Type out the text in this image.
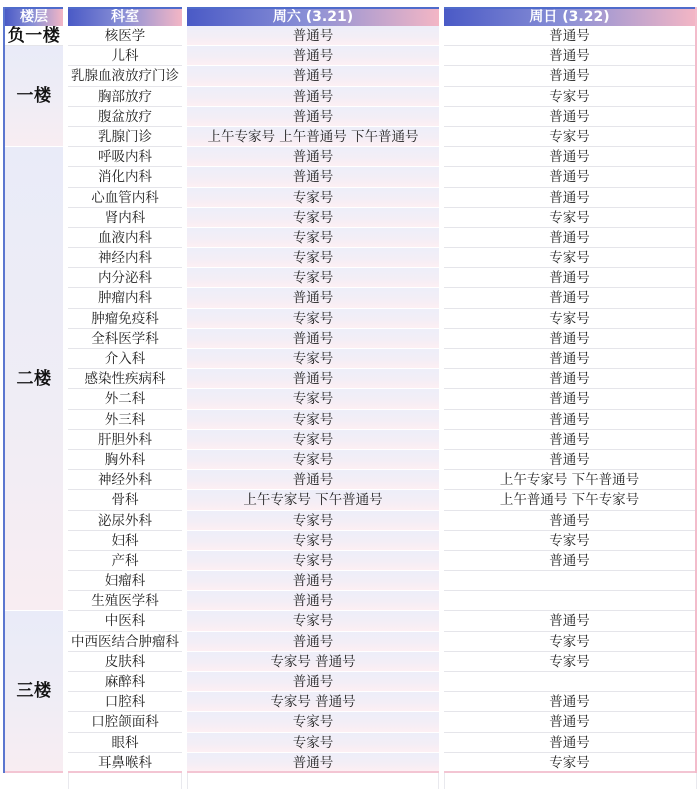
楼层	科室	周六 (3.21)	周日 (3.22)
负一楼	核医学	普通号	普通号
一楼
儿科	普通号	普通号
乳腺血液放疗门诊	普通号	普通号
胸部放疗	普通号	专家号
腹盆放疗	普通号	普通号
乳腺门诊	上午专家号 上午普通号 下午普通号	专家号
二楼
呼吸内科	普通号	普通号
消化内科	普通号	普通号
心血管内科	专家号	普通号
肾内科	专家号	专家号
血液内科	专家号	普通号
神经内科	专家号	专家号
内分泌科	专家号	普通号
肿瘤内科	普通号	普通号
肿瘤免疫科	专家号	专家号
全科医学科	普通号	普通号
介入科	专家号	普通号
感染性疾病科	普通号	普通号
外二科	专家号	普通号
外三科	专家号	普通号
肝胆外科	专家号	普通号
胸外科	专家号	普通号
神经外科	普通号	上午专家号 下午普通号
骨科	上午专家号 下午普通号	上午普通号 下午专家号
泌尿外科	专家号	普通号
妇科	专家号	专家号
产科	专家号	普通号
妇瘤科	普通号
生殖医学科	普通号
三楼
中医科	专家号	普通号
中西医结合肿瘤科	普通号	专家号
皮肤科	专家号 普通号	专家号
麻醉科	普通号
口腔科	专家号 普通号	普通号
口腔颌面科	专家号	普通号
眼科	专家号	普通号
耳鼻喉科	普通号	专家号
